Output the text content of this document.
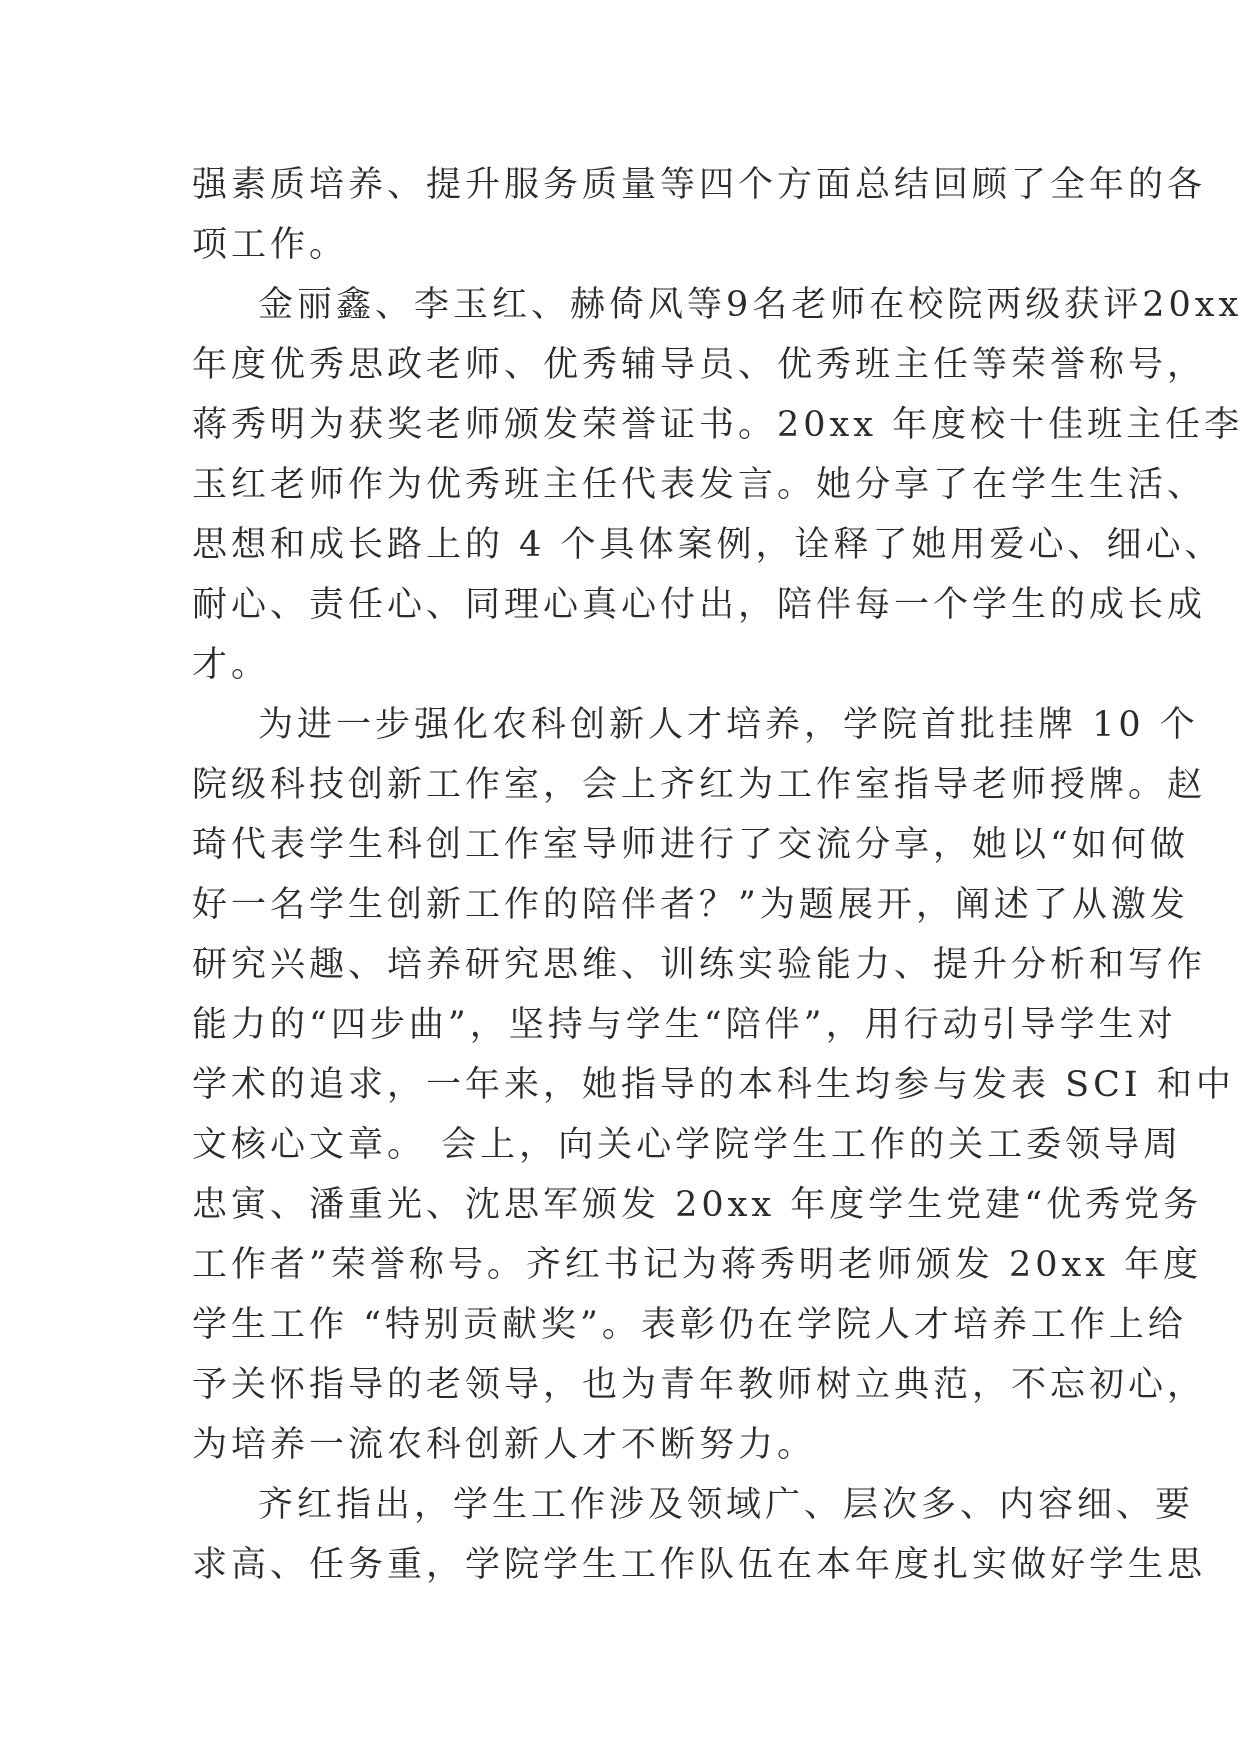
强素质培养、提升服务质量等四个方面总结回顾了全年的各
项工作。
金丽鑫、李玉红、赫倚风等9名老师在校院两级获评20xx
年度优秀思政老师、优秀辅导员、优秀班主任等荣誉称号，
蒋秀明为获奖老师颁发荣誉证书。20xx 年度校十佳班主任李
玉红老师作为优秀班主任代表发言。她分享了在学生生活、
思想和成长路上的 4 个具体案例，诠释了她用爱心、细心、
耐心、责任心、同理心真心付出，陪伴每一个学生的成长成
才。
为进一步强化农科创新人才培养，学院首批挂牌 10 个
院级科技创新工作室，会上齐红为工作室指导老师授牌。赵
琦代表学生科创工作室导师进行了交流分享，她以“如何做
好一名学生创新工作的陪伴者？”为题展开，阐述了从激发
研究兴趣、培养研究思维、训练实验能力、提升分析和写作
能力的“四步曲”，坚持与学生“陪伴”，用行动引导学生对
学术的追求，一年来，她指导的本科生均参与发表 SCI 和中
文核心文章。 会上，向关心学院学生工作的关工委领导周
忠寅、潘重光、沈思军颁发 20xx 年度学生党建“优秀党务
工作者”荣誉称号。齐红书记为蒋秀明老师颁发 20xx 年度
学生工作 “特别贡献奖”。表彰仍在学院人才培养工作上给
予关怀指导的老领导，也为青年教师树立典范，不忘初心，
为培养一流农科创新人才不断努力。
齐红指出，学生工作涉及领域广、层次多、内容细、要
求高、任务重，学院学生工作队伍在本年度扎实做好学生思
